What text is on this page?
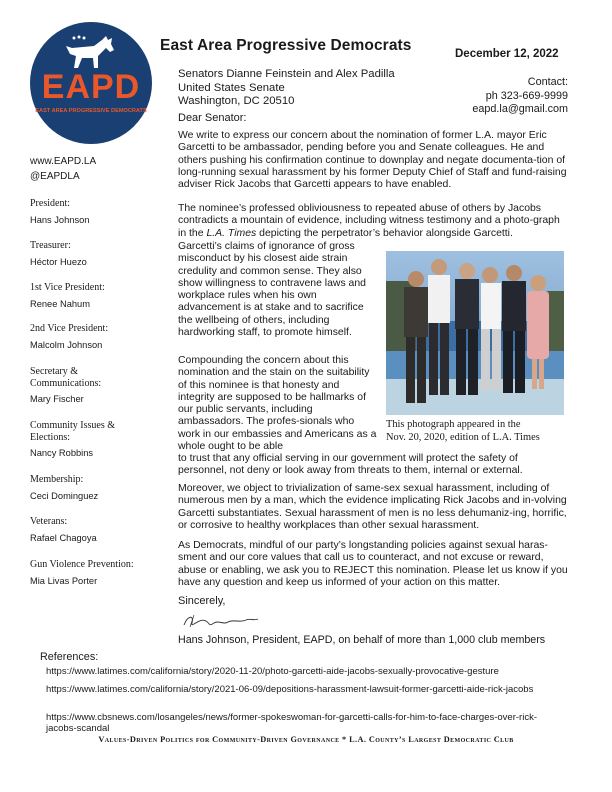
EAPD
EAST AREA PROGRESSIVE DEMOCRATS
East Area Progressive Democrats	December 12, 2022
Senators Dianne Feinstein and Alex Padilla
United States Senate
Washington, DC 20510
Contact:
ph 323-669-9999
eapd.la@gmail.com
www.EAPD.LA
@EAPDLA
President:
Hans Johnson
Treasurer:
Héctor Huezo
1st Vice President:
Renee Nahum
2nd Vice President:
Malcolm Johnson
Secretary & Communications:
Mary Fischer
Community Issues & Elections:
Nancy Robbins
Membership:
Ceci Dominguez
Veterans:
Rafael Chagoya
Gun Violence Prevention:
Mia Livas Porter
Dear Senator:
We write to express our concern about the nomination of former L.A. mayor Eric Garcetti to be ambassador, pending before you and Senate colleagues. He and others pushing his confirmation continue to downplay and negate documenta-tion of long-running sexual harassment by his former Deputy Chief of Staff and fund-raising adviser Rick Jacobs that Garcetti appears to have enabled.
The nominee’s professed obliviousness to repeated abuse of others by Jacobs contradicts a mountain of evidence, including witness testimony and a photo-graph in the L.A. Times depicting the perpetrator’s behavior alongside Garcetti.
Garcetti’s claims of ignorance of gross misconduct by his closest aide strain credulity and common sense. They also show willingness to contravene laws and workplace rules when his own advancement is at stake and to sacrifice the wellbeing of others, including hardworking staff, to promote himself.
Compounding the concern about this nomination and the stain on the suitability of this nominee is that honesty and integrity are supposed to be hallmarks of our public servants, including ambassadors. The profes-sionals who work in our embassies and Americans as a whole ought to be able
to trust that any official serving in our government will protect the safety of personnel, not deny or look away from threats to them, internal or external.
Moreover, we object to trivialization of same-sex sexual harassment, including of numerous men by a man, which the evidence implicating Rick Jacobs and in-volving Garcetti substantiates. Sexual harassment of men is no less dehumaniz-ing, horrific, or corrosive to healthy workplaces than other sexual harassment.
As Democrats, mindful of our party’s longstanding policies against sexual haras-sment and our core values that call us to counteract, and not excuse or reward, abuse or enabling, we ask you to REJECT this nomination. Please let us know if you have any question and keep us informed of your action on this matter.
Sincerely,
Hans Johnson, President, EAPD, on behalf of more than 1,000 club members
This photograph appeared in the
Nov. 20, 2020, edition of L.A. Times
References:
https://www.latimes.com/california/story/2020-11-20/photo-garcetti-aide-jacobs-sexually-provocative-gesture
https://www.latimes.com/california/story/2021-06-09/depositions-harassment-lawsuit-former-garcetti-aide-rick-jacobs
https://www.cbsnews.com/losangeles/news/former-spokeswoman-for-garcetti-calls-for-him-to-face-charges-over-rick-jacobs-scandal
Values-Driven Politics for Community-Driven Governance * L.A. County’s Largest Democratic Club
